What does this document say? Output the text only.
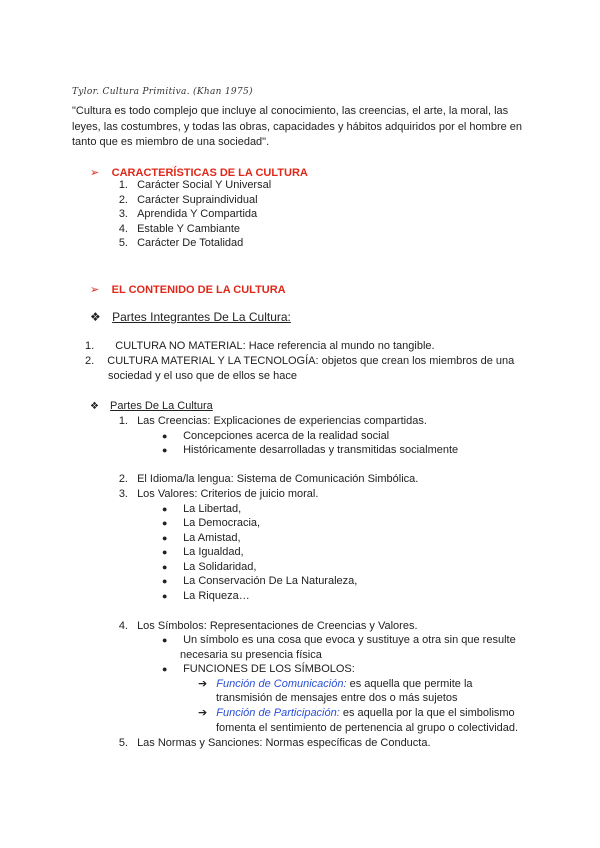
Tylor. Cultura Primitiva. (Khan 1975)
"Cultura es todo complejo que incluye al conocimiento, las creencias, el arte, la moral, las
leyes, las costumbres, y todas las obras, capacidades y hábitos adquiridos por el hombre en
tanto que es miembro de una sociedad".
➢ CARACTERÍSTICAS DE LA CULTURA
1. Carácter Social Y Universal
2. Carácter Supraindividual
3. Aprendida Y Compartida
4. Estable Y Cambiante
5. Carácter De Totalidad
➢ EL CONTENIDO DE LA CULTURA
❖ Partes Integrantes De La Cultura:
1. CULTURA NO MATERIAL: Hace referencia al mundo no tangible.
2. CULTURA MATERIAL Y LA TECNOLOGÍA: objetos que crean los miembros de una
sociedad y el uso que de ellos se hace
❖ Partes De La Cultura
1. Las Creencias: Explicaciones de experiencias compartidas.
● Concepciones acerca de la realidad social
● Históricamente desarrolladas y transmitidas socialmente
2. El Idioma/la lengua: Sistema de Comunicación Simbólica.
3. Los Valores: Criterios de juicio moral.
● La Libertad,
● La Democracia,
● La Amistad,
● La Igualdad,
● La Solidaridad,
● La Conservación De La Naturaleza,
● La Riqueza…
4. Los Símbolos: Representaciones de Creencias y Valores.
● Un símbolo es una cosa que evoca y sustituye a otra sin que resulte
necesaria su presencia física
● FUNCIONES DE LOS SÍMBOLOS:
➔ Función de Comunicación: es aquella que permite la
transmisión de mensajes entre dos o más sujetos
➔ Función de Participación: es aquella por la que el simbolismo
fomenta el sentimiento de pertenencia al grupo o colectividad.
5. Las Normas y Sanciones: Normas específicas de Conducta.
